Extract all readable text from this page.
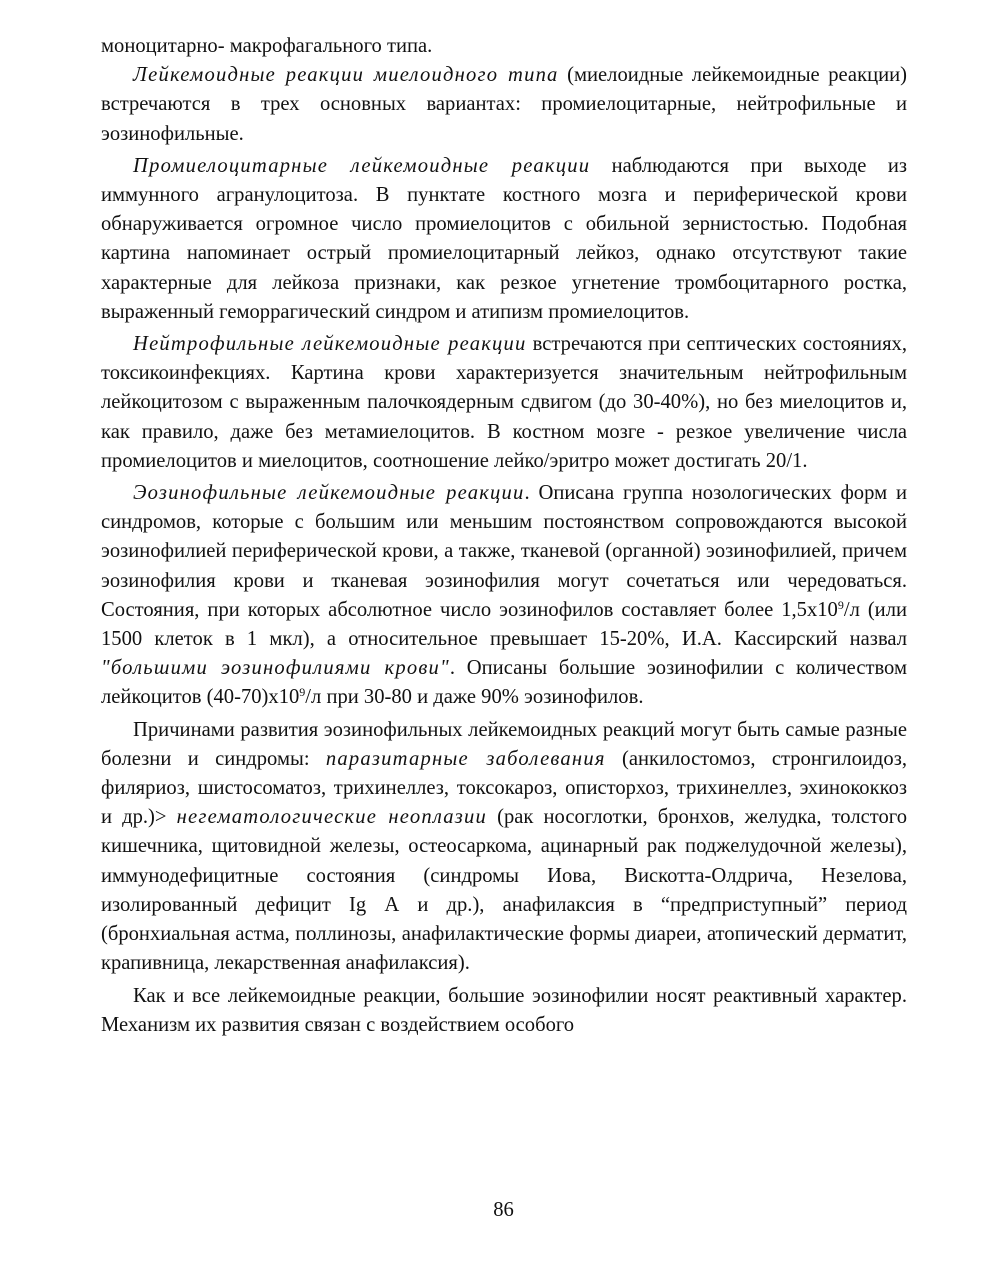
моноцитарно- макрофагального типа.

Лейкемоидные реакции миелоидного типа (миелоидные лейкемоидные реакции) встречаются в трех основных вариантах: промиелоцитарные, нейтрофильные и эозинофильные.

Промиелоцитарные лейкемоидные реакции наблюдаются при выходе из иммунного агранулоцитоза. В пунктате костного мозга и периферической крови обнаруживается огромное число промиелоцитов с обильной зернистостью. Подобная картина напоминает острый промиелоцитарный лейкоз, однако отсутствуют такие характерные для лейкоза признаки, как резкое угнетение тромбоцитарного ростка, выраженный геморрагический синдром и атипизм промиелоцитов.

Нейтрофильные лейкемоидные реакции встречаются при септических состояниях, токсикоинфекциях. Картина крови характеризуется значительным нейтрофильным лейкоцитозом с выраженным палочкоядерным сдвигом (до 30-40%), но без миелоцитов и, как правило, даже без метамиелоцитов. В костном мозге - резкое увеличение числа промиелоцитов и миелоцитов, соотношение лейко/эритро может достигать 20/1.

Эозинофильные лейкемоидные реакции. Описана группа нозологических форм и синдромов, которые с большим или меньшим постоянством сопровождаются высокой эозинофилией периферической крови, а также, тканевой (органной) эозинофилией, причем эозинофилия крови и тканевая эозинофилия могут сочетаться или чередоваться. Состояния, при которых абсолютное число эозинофилов составляет более $1,5х10^9/л$ (или 1500 клеток в 1 мкл), а относительное превышает 15-20%, И.А. Кассирский назвал "большими эозинофилиями крови". Описаны большие эозинофилии с количеством лейкоцитов $(40-70)х10^9/л$ при 30-80 и даже 90% эозинофилов.

Причинами развития эозинофильных лейкемоидных реакций могут быть самые разные болезни и синдромы: паразитарные заболевания (анкилостомоз, стронгилоидоз, филяриоз, шистосоматоз, трихинеллез, токсокароз, описторхоз, трихинеллез, эхинококкоз и др.)> негематологические неоплазии (рак носоглотки, бронхов, желудка, толстого кишечника, щитовидной железы, остеосаркома, ацинарный рак поджелудочной железы), иммунодефицитные состояния (синдромы Иова, Вискотта-Олдрича, Незелова, изолированный дефицит Ig А и др.), анафилаксия в “предприступный” период (бронхиальная астма, поллинозы, анафилактические формы диареи, атопический дерматит, крапивница, лекарственная анафилаксия).

Как и все лейкемоидные реакции, большие эозинофилии носят реактивный характер. Механизм их развития связан с воздействием особого

86
